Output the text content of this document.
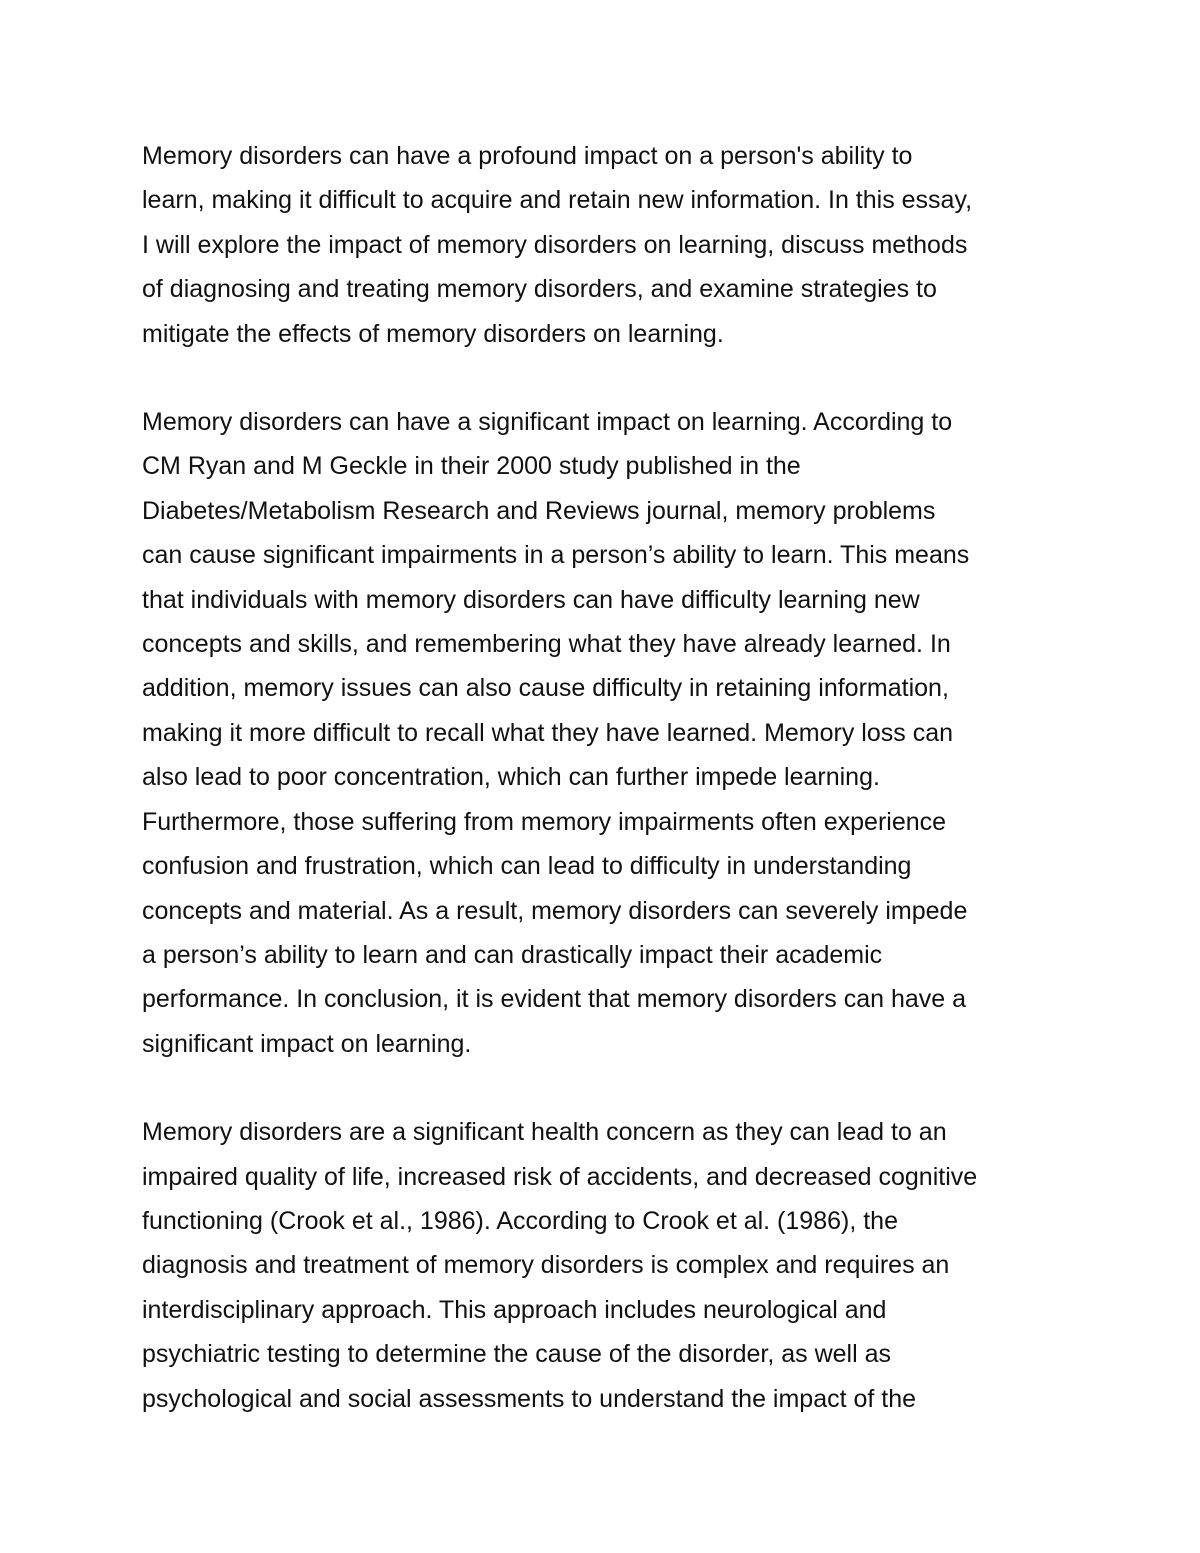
Memory disorders can have a profound impact on a person's ability to
learn, making it difficult to acquire and retain new information. In this essay,
I will explore the impact of memory disorders on learning, discuss methods
of diagnosing and treating memory disorders, and examine strategies to
mitigate the effects of memory disorders on learning.
Memory disorders can have a significant impact on learning. According to
CM Ryan and M Geckle in their 2000 study published in the
Diabetes/Metabolism Research and Reviews journal, memory problems
can cause significant impairments in a person’s ability to learn. This means
that individuals with memory disorders can have difficulty learning new
concepts and skills, and remembering what they have already learned. In
addition, memory issues can also cause difficulty in retaining information,
making it more difficult to recall what they have learned. Memory loss can
also lead to poor concentration, which can further impede learning.
Furthermore, those suffering from memory impairments often experience
confusion and frustration, which can lead to difficulty in understanding
concepts and material. As a result, memory disorders can severely impede
a person’s ability to learn and can drastically impact their academic
performance. In conclusion, it is evident that memory disorders can have a
significant impact on learning.
Memory disorders are a significant health concern as they can lead to an
impaired quality of life, increased risk of accidents, and decreased cognitive
functioning (Crook et al., 1986). According to Crook et al. (1986), the
diagnosis and treatment of memory disorders is complex and requires an
interdisciplinary approach. This approach includes neurological and
psychiatric testing to determine the cause of the disorder, as well as
psychological and social assessments to understand the impact of the
